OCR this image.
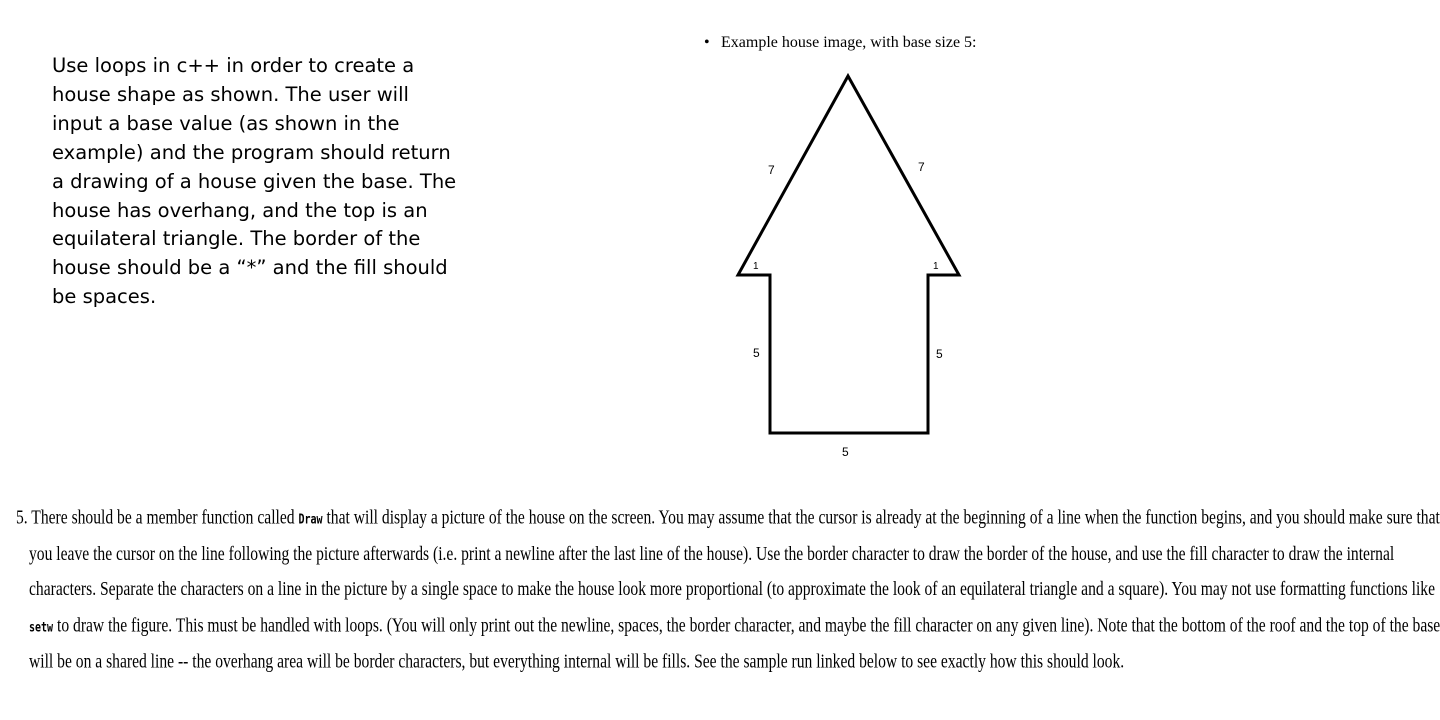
Use loops in c++ in order to create a house shape as shown. The user will input a base value (as shown in the example) and the program should return a drawing of a house given the base. The house has overhang, and the top is an equilateral triangle. The border of the house should be a “*” and the fill should be spaces.
• Example house image, with base size 5:
7	7
1	1
5	5
5
5. There should be a member function called Draw that will display a picture of the house on the screen. You may assume that the cursor is already at the beginning of a line when the function begins, and you should make sure that
you leave the cursor on the line following the picture afterwards (i.e. print a newline after the last line of the house). Use the border character to draw the border of the house, and use the fill character to draw the internal
characters. Separate the characters on a line in the picture by a single space to make the house look more proportional (to approximate the look of an equilateral triangle and a square). You may not use formatting functions like
setw to draw the figure. This must be handled with loops. (You will only print out the newline, spaces, the border character, and maybe the fill character on any given line). Note that the bottom of the roof and the top of the base
will be on a shared line -- the overhang area will be border characters, but everything internal will be fills. See the sample run linked below to see exactly how this should look.
